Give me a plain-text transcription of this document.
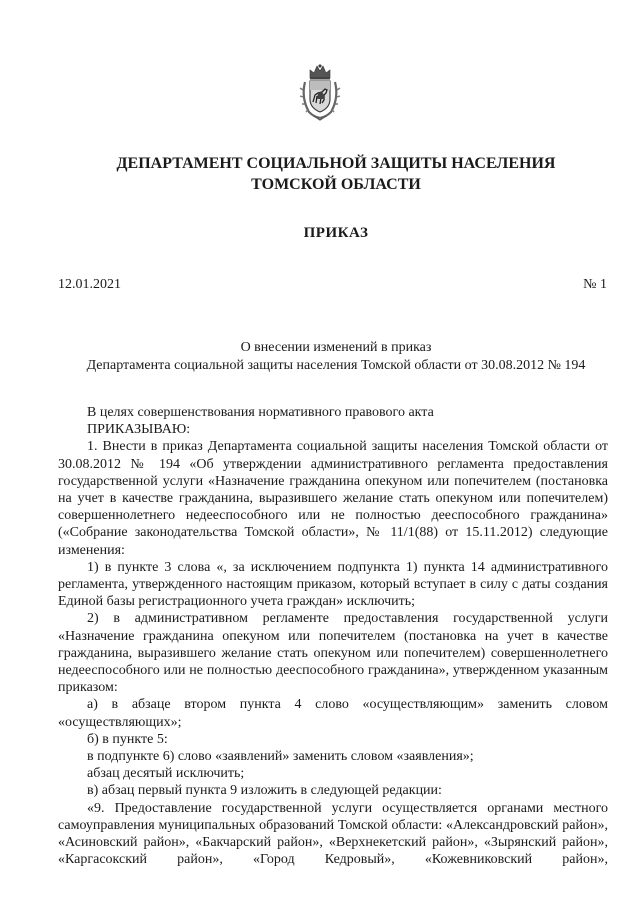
ДЕПАРТАМЕНТ СОЦИАЛЬНОЙ ЗАЩИТЫ НАСЕЛЕНИЯ
ТОМСКОЙ ОБЛАСТИ
ПРИКАЗ
12.01.2021	№ 1
О внесении изменений в приказ
Департамента социальной защиты населения Томской области от 30.08.2012 № 194

В целях совершенствования нормативного правового акта

ПРИКАЗЫВАЮ:

1. Внести в приказ Департамента социальной защиты населения Томской области от 30.08.2012 № 194 «Об утверждении административного регламента предоставления государственной услуги «Назначение гражданина опекуном или попечителем (постановка на учет в качестве гражданина, выразившего желание стать опекуном или попечителем) совершеннолетнего недееспособного или не полностью дееспособного гражданина» («Собрание законодательства Томской области», № 11/1(88) от 15.11.2012) следующие изменения:

1) в пункте 3 слова «, за исключением подпункта 1) пункта 14 административного регламента, утвержденного настоящим приказом, который вступает в силу с даты создания Единой базы регистрационного учета граждан» исключить;

2) в административном регламенте предоставления государственной услуги «Назначение гражданина опекуном или попечителем (постановка на учет в качестве гражданина, выразившего желание стать опекуном или попечителем) совершеннолетнего недееспособного или не полностью дееспособного гражданина», утвержденном указанным приказом:

а) в абзаце втором пункта 4 слово «осуществляющим» заменить словом «осуществляющих»;

б) в пункте 5:

в подпункте 6) слово «заявлений» заменить словом «заявления»;

абзац десятый исключить;

в) абзац первый пункта 9 изложить в следующей редакции:

«9. Предоставление государственной услуги осуществляется органами местного самоуправления муниципальных образований Томской области: «Александровский район», «Асиновский район», «Бакчарский район», «Верхнекетский район», «Зырянский район», «Каргасокский район», «Город Кедровый», «Кожевниковский район»,
